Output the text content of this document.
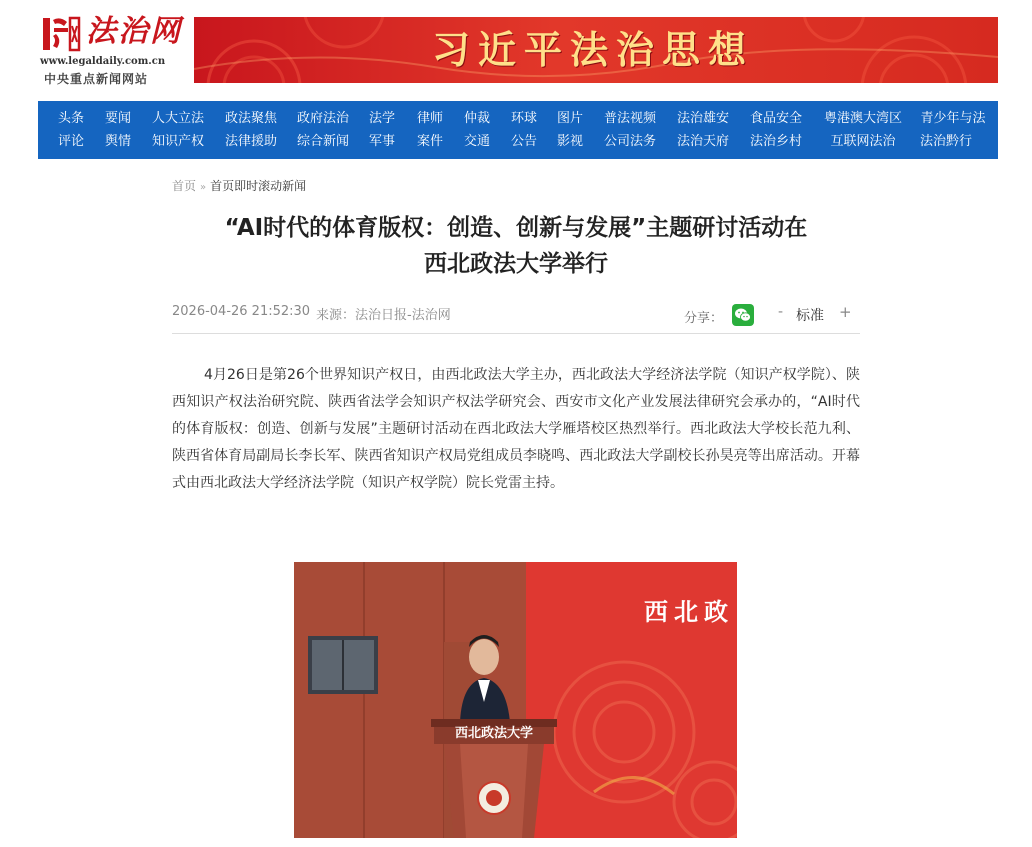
法治网
www.legaldaily.com.cn
中央重点新闻网站
习近平法治思想
头条 要闻 人大立法 政法聚焦 政府法治 法学 律师 仲裁 环球 图片 普法视频 法治雄安 食品安全 粤港澳大湾区 青少年与法
评论 舆情 知识产权 法律援助 综合新闻 军事 案件 交通 公告 影视 公司法务 法治天府 法治乡村 互联网法治 法治黔行
首页 » 首页即时滚动新闻
“AI时代的体育版权：创造、创新与发展”主题研讨活动在
西北政法大学举行
2026-04-26 21:52:30 来源：法治日报-法治网	分享：	- 标准 +

4月26日是第26个世界知识产权日，由西北政法大学主办，西北政法大学经济法学院（知识产权学院）、陕西知识产权法治研究院、陕西省法学会知识产权法学研究会、西安市文化产业发展法律研究会承办的，“AI时代的体育版权：创造、创新与发展”主题研讨活动在西北政法大学雁塔校区热烈举行。西北政法大学校长范九利、陕西省体育局副局长李长军、陕西省知识产权局党组成员李晓鸣、西北政法大学副校长孙昊亮等出席活动。开幕式由西北政法大学经济法学院（知识产权学院）院长党雷主持。

西北政
西北政法大学
